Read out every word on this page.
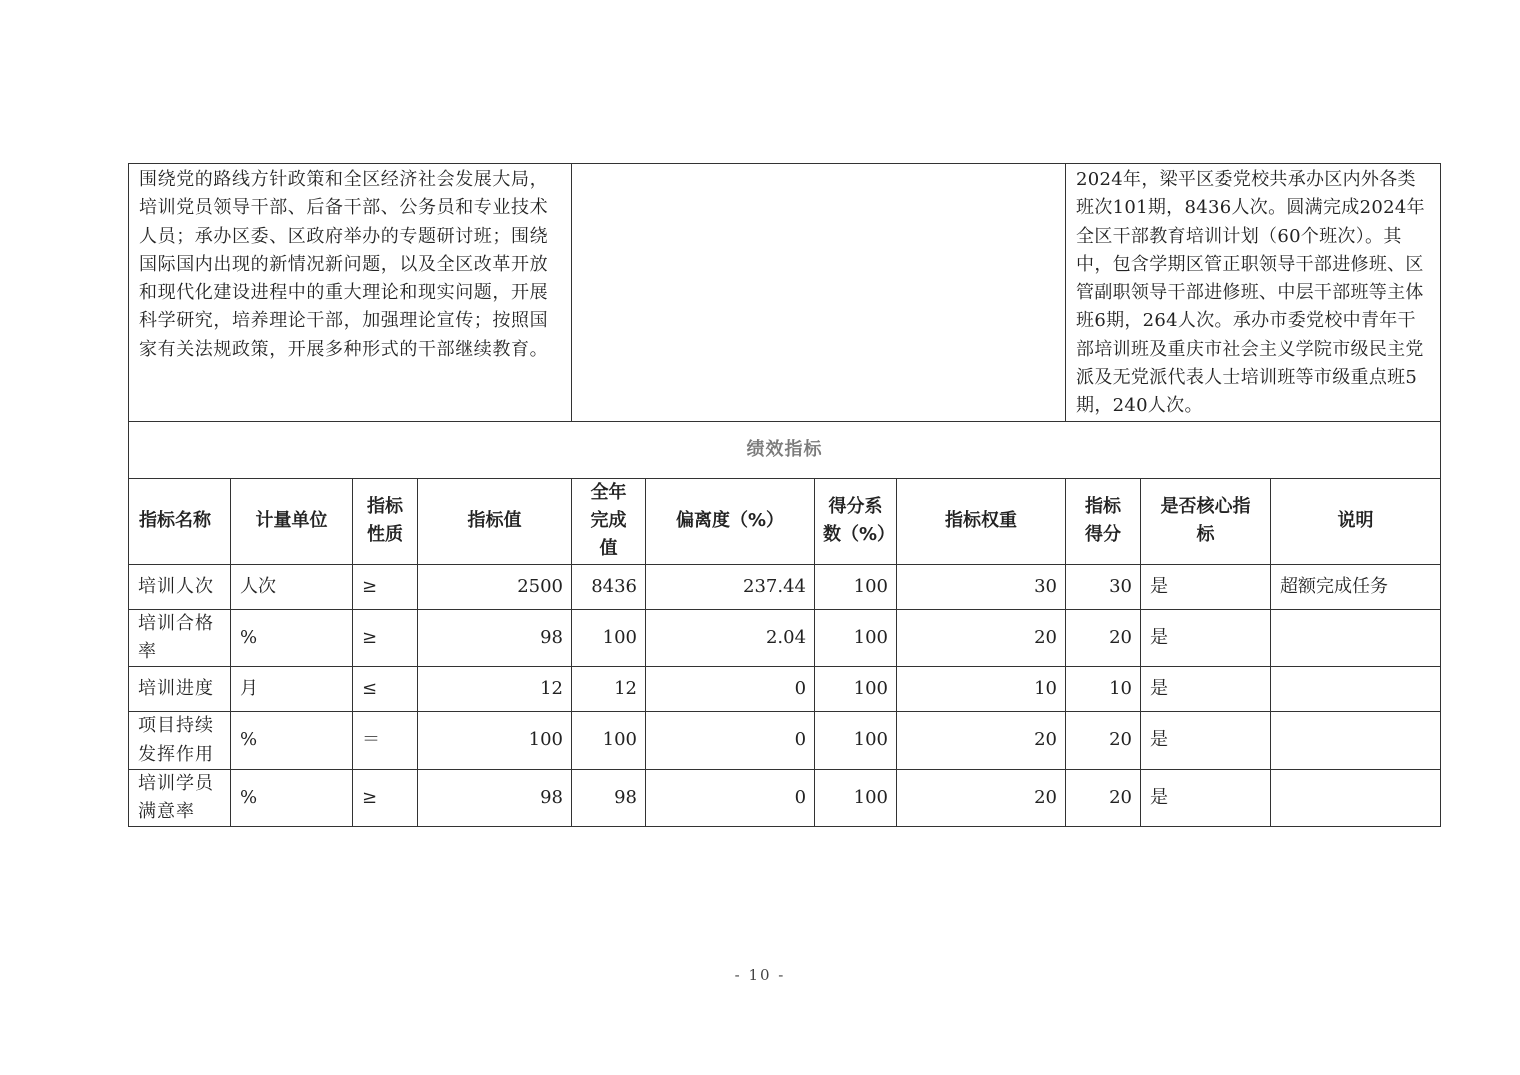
围绕党的路线方针政策和全区经济社会发展大局，培训党员领导干部、后备干部、公务员和专业技术人员；承办区委、区政府举办的专题研讨班；围绕国际国内出现的新情况新问题，以及全区改革开放和现代化建设进程中的重大理论和现实问题，开展科学研究，培养理论干部，加强理论宣传；按照国家有关法规政策，开展多种形式的干部继续教育。								2024年，梁平区委党校共承办区内外各类班次101期，8436人次。圆满完成2024年全区干部教育培训计划（60个班次）。其中，包含学期区管正职领导干部进修班、区管副职领导干部进修班、中层干部班等主体班6期，264人次。承办市委党校中青年干部培训班及重庆市社会主义学院市级民主党派及无党派代表人士培训班等市级重点班5期，240人次。		
绩效指标										
指标名称	计量单位	指标性质	指标值	全年完成值	偏离度（%）	得分系数（%）	指标权重	指标得分	是否核心指标	说明
培训人次	人次	≥	2500	8436	237.44	100	30	30	是	超额完成任务
培训合格率	%	≥	98	100	2.04	100	20	20	是	
培训进度	月	≤	12	12	0	100	10	10	是	
项目持续发挥作用	%	＝	100	100	0	100	20	20	是	
培训学员满意率	%	≥	98	98	0	100	20	20	是	
- 10 -
